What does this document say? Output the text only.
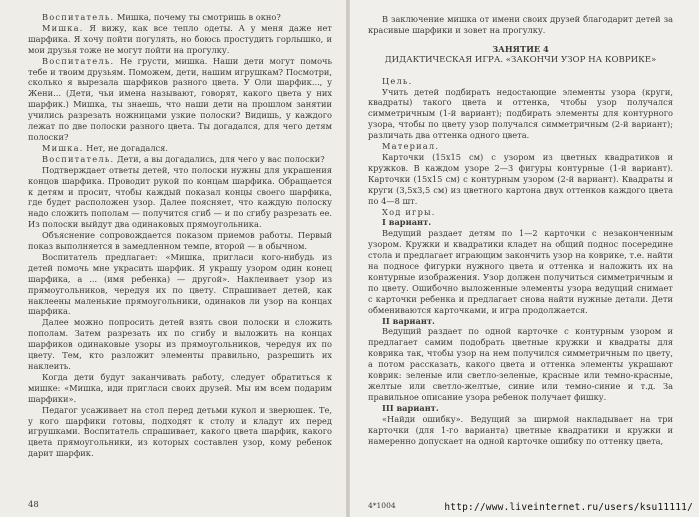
Воспитатель. Мишка, почему ты смотришь в окно?

Мишка. Я вижу, как все тепло одеты. А у меня даже нет шарфика. Я хочу пойти погулять, но боюсь простудить горлышко, и мои друзья тоже не могут пойти на прогулку.

Воспитатель. Не грусти, мишка. Наши дети могут помочь тебе и твоим друзьям. Поможем, дети, нашим игрушкам? Посмотри, сколько я вырезала шарфиков разного цвета. У Оли шарфик..., у Жени... (Дети, чьи имена называют, говорят, какого цвета у них шарфик.) Мишка, ты знаешь, что наши дети на прошлом занятии учились разрезать ножницами узкие полоски? Видишь, у каждого лежат по две полоски разного цвета. Ты догадался, для чего детям полоски?

Мишка. Нет, не догадался.

Воспитатель. Дети, а вы догадались, для чего у вас полоски?

Подтверждает ответы детей, что полоски нужны для украшения концов шарфика. Проводит рукой по концам шарфика. Обращается к детям и просит, чтобы каждый показал концы своего шарфика, где будет расположен узор. Далее поясняет, что каждую полоску надо сложить пополам — получится сгиб — и по сгибу разрезать ее. Из полоски выйдут два одинаковых прямоугольника.

Объяснение сопровождается показом приемов работы. Первый показ выполняется в замедленном темпе, второй — в обычном.

Воспитатель предлагает: «Мишка, пригласи кого-нибудь из детей помочь мне украсить шарфик. Я украшу узором один конец шарфика, а ... (имя ребенка) — другой». Наклеивает узор из прямоугольников, чередуя их по цвету. Спрашивает детей, как наклеены маленькие прямоугольники, одинаков ли узор на концах шарфика.

Далее можно попросить детей взять свои полоски и сложить пополам. Затем разрезать их по сгибу и выложить на концах шарфиков одинаковые узоры из прямоугольников, чередуя их по цвету. Тем, кто разложит элементы правильно, разрешить их наклеить.

Когда дети будут заканчивать работу, следует обратиться к мишке: «Мишка, иди пригласи своих друзей. Мы им всем подарим шарфики».

Педагог усаживает на стол перед детьми кукол и зверюшек. Те, у кого шарфики готовы, подходят к столу и кладут их перед игрушками. Воспитатель спрашивает, какого цвета шарфик, какого цвета прямоугольники, из которых составлен узор, кому ребенок дарит шарфик.

48

В заключение мишка от имени своих друзей благодарит детей за красивые шарфики и зовет на прогулку.

ЗАНЯТИЕ 4

ДИДАКТИЧЕСКАЯ ИГРА. «ЗАКОНЧИ УЗОР НА КОВРИКЕ»

Цель.

Учить детей подбирать недостающие элементы узора (круги, квадраты) такого цвета и оттенка, чтобы узор получался симметричным (1-й вариант); подбирать элементы для контурного узора, чтобы по цвету узор получался симметричным (2-й вариант); различать два оттенка одного цвета.

Материал.

Карточки (15х15 см) с узором из цветных квадратиков и кружков. В каждом узоре 2—3 фигуры контурные (1-й вариант). Карточки (15х15 см) с контурным узором (2-й вариант). Квадраты и круги (3,5х3,5 см) из цветного картона двух оттенков каждого цвета по 4—8 шт.

Ход игры.

I вариант.

Ведущий раздает детям по 1—2 карточки с незаконченным узором. Кружки и квадратики кладет на общий поднос посередине стола и предлагает играющим закончить узор на коврике, т.е. найти на подносе фигурки нужного цвета и оттенка и наложить их на контурные изображения. Узор должен получиться симметричным и по цвету. Ошибочно выложенные элементы узора ведущий снимает с карточки ребенка и предлагает снова найти нужные детали. Дети обмениваются карточками, и игра продолжается.

II вариант.

Ведущий раздает по одной карточке с контурным узором и предлагает самим подобрать цветные кружки и квадраты для коврика так, чтобы узор на нем получился симметричным по цвету, а потом рассказать, какого цвета и оттенка элементы украшают коврик: зеленые или светло-зеленые, красные или темно-красные, желтые или светло-желтые, синие или темно-синие и т.д. За правильное описание узора ребенок получает фишку.

III вариант.

«Найди ошибку». Ведущий за ширмой накладывает на три карточки (для 1-го варианта) цветные квадратики и кружки и намеренно допускает на одной карточке ошибку по оттенку цвета,

4*1004	http://www.liveinternet.ru/users/ksu11111/
